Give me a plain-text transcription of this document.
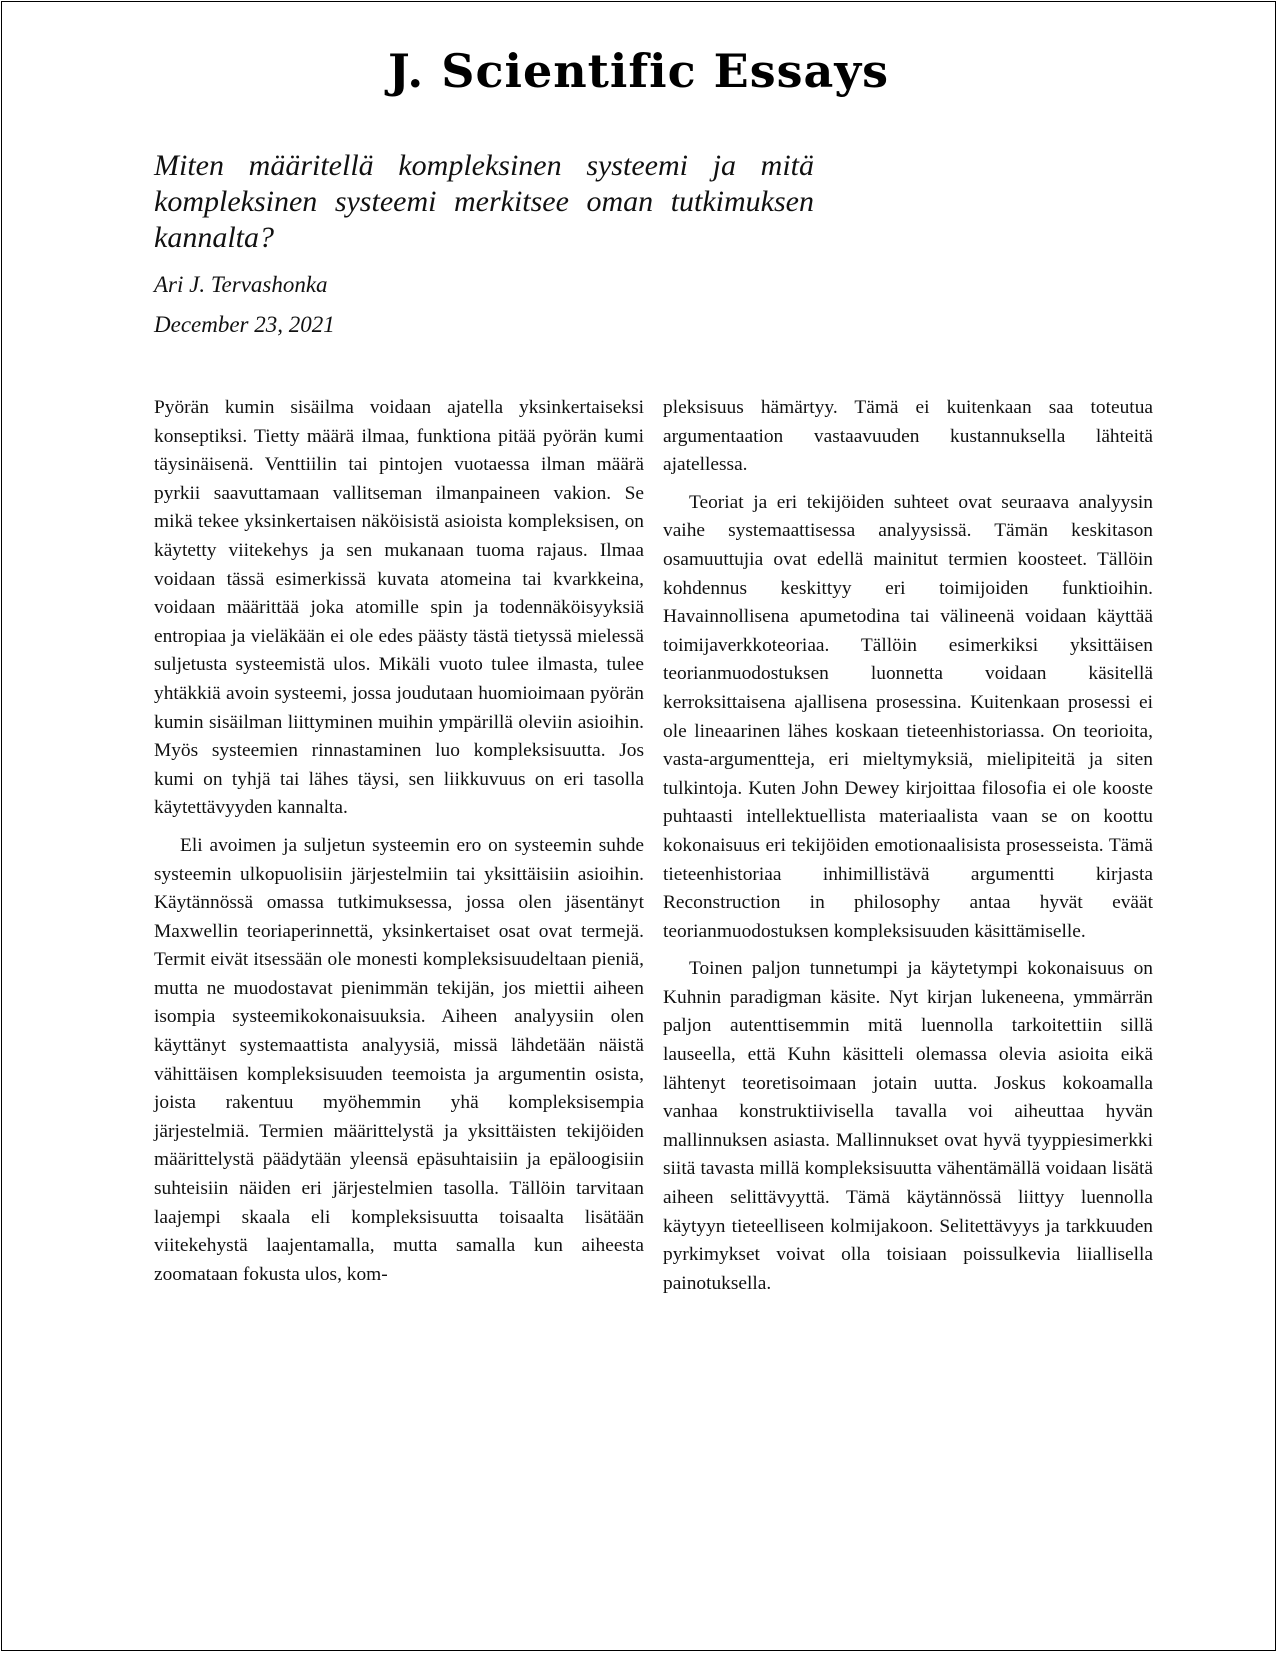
J. Scientific Essays
Miten määritellä kompleksinen systeemi ja mitä kompleksinen systeemi merkitsee oman tutkimuksen kannalta?
Ari J. Tervashonka
December 23, 2021

Pyörän kumin sisäilma voidaan ajatella yksinkertaiseksi konseptiksi. Tietty määrä ilmaa, funktiona pitää pyörän kumi täysinäisenä. Venttiilin tai pintojen vuotaessa ilman määrä pyrkii saavuttamaan vallitseman ilmanpaineen vakion. Se mikä tekee yksinkertaisen näköisistä asioista kompleksisen, on käytetty viitekehys ja sen mukanaan tuoma rajaus. Ilmaa voidaan tässä esimerkissä kuvata atomeina tai kvarkkeina, voidaan määrittää joka atomille spin ja todennäköisyyksiä entropiaa ja vieläkään ei ole edes päästy tästä tietyssä mielessä suljetusta systeemistä ulos. Mikäli vuoto tulee ilmasta, tulee yhtäkkiä avoin systeemi, jossa joudutaan huomioimaan pyörän kumin sisäilman liittyminen muihin ympärillä oleviin asioihin. Myös systeemien rinnastaminen luo kompleksisuutta. Jos kumi on tyhjä tai lähes täysi, sen liikkuvuus on eri tasolla käytettävyyden kannalta.

Eli avoimen ja suljetun systeemin ero on systeemin suhde systeemin ulkopuolisiin järjestelmiin tai yksittäisiin asioihin. Käytännössä omassa tutkimuksessa, jossa olen jäsentänyt Maxwellin teoriaperinnettä, yksinkertaiset osat ovat termejä. Termit eivät itsessään ole monesti kompleksisuudeltaan pieniä, mutta ne muodostavat pienimmän tekijän, jos miettii aiheen isompia systeemikokonaisuuksia. Aiheen analyysiin olen käyttänyt systemaattista analyysiä, missä lähdetään näistä vähittäisen kompleksisuuden teemoista ja argumentin osista, joista rakentuu myöhemmin yhä kompleksisempia järjestelmiä. Termien määrittelystä ja yksittäisten tekijöiden määrittelystä päädytään yleensä epäsuhtaisiin ja epäloogisiin suhteisiin näiden eri järjestelmien tasolla. Tällöin tarvitaan laajempi skaala eli kompleksisuutta toisaalta lisätään viitekehystä laajentamalla, mutta samalla kun aiheesta zoomataan fokusta ulos, kom-

pleksisuus hämärtyy. Tämä ei kuitenkaan saa toteutua argumentaation vastaavuuden kustannuksella lähteitä ajatellessa.

Teoriat ja eri tekijöiden suhteet ovat seuraava analyysin vaihe systemaattisessa analyysissä. Tämän keskitason osamuuttujia ovat edellä mainitut termien koosteet. Tällöin kohdennus keskittyy eri toimijoiden funktioihin. Havainnollisena apumetodina tai välineenä voidaan käyttää toimijaverkkoteoriaa. Tällöin esimerkiksi yksittäisen teorianmuodostuksen luonnetta voidaan käsitellä kerroksittaisena ajallisena prosessina. Kuitenkaan prosessi ei ole lineaarinen lähes koskaan tieteenhistoriassa. On teorioita, vasta-argumentteja, eri mieltymyksiä, mielipiteitä ja siten tulkintoja. Kuten John Dewey kirjoittaa filosofia ei ole kooste puhtaasti intellektuellista materiaalista vaan se on koottu kokonaisuus eri tekijöiden emotionaalisista prosesseista. Tämä tieteenhistoriaa inhimillistävä argumentti kirjasta Reconstruction in philosophy antaa hyvät eväät teorianmuodostuksen kompleksisuuden käsittämiselle.

Toinen paljon tunnetumpi ja käytetympi kokonaisuus on Kuhnin paradigman käsite. Nyt kirjan lukeneena, ymmärrän paljon autenttisemmin mitä luennolla tarkoitettiin sillä lauseella, että Kuhn käsitteli olemassa olevia asioita eikä lähtenyt teoretisoimaan jotain uutta. Joskus kokoamalla vanhaa konstruktiivisella tavalla voi aiheuttaa hyvän mallinnuksen asiasta. Mallinnukset ovat hyvä tyyppiesimerkki siitä tavasta millä kompleksisuutta vähentämällä voidaan lisätä aiheen selittävyyttä. Tämä käytännössä liittyy luennolla käytyyn tieteelliseen kolmijakoon. Selitettävyys ja tarkkuuden pyrkimykset voivat olla toisiaan poissulkevia liiallisella painotuksella.
